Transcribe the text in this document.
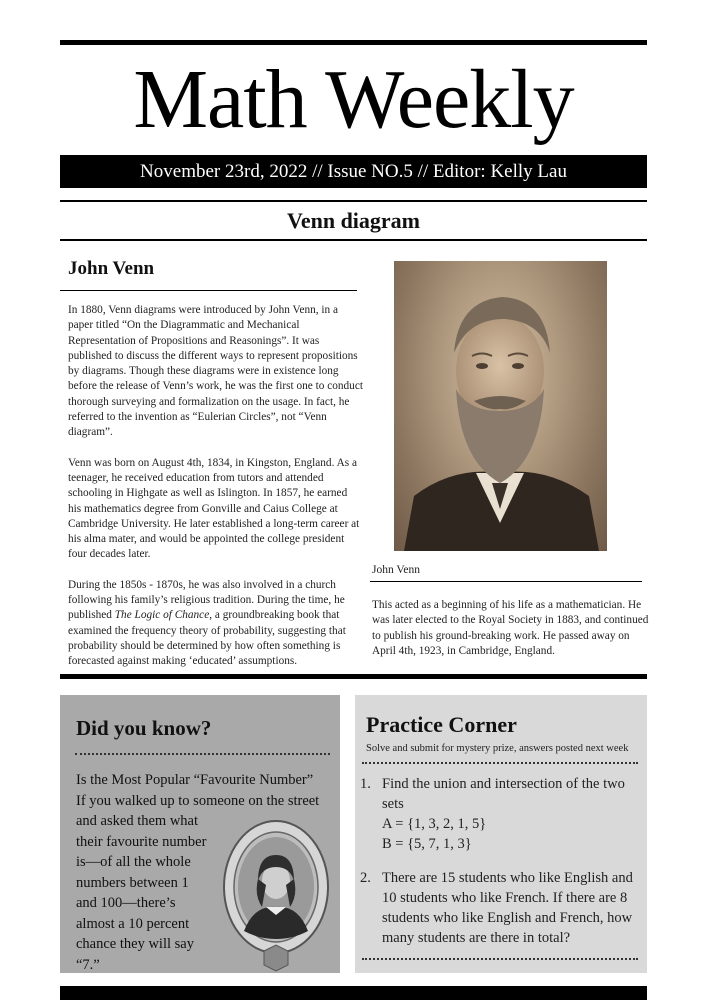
Math Weekly
November 23rd, 2022 // Issue NO.5 // Editor: Kelly Lau
Venn diagram
John Venn

In 1880, Venn diagrams were introduced by John Venn, in a paper titled “On the Diagrammatic and Mechanical Representation of Propositions and Reasonings”. It was published to discuss the different ways to represent propositions by diagrams. Though these diagrams were in existence long before the release of Venn’s work, he was the first one to conduct thorough surveying and formalization on the usage. In fact, he referred to the invention as “Eulerian Circles”, not “Venn diagram”.

Venn was born on August 4th, 1834, in Kingston, England. As a teenager, he received education from tutors and attended schooling in Highgate as well as Islington. In 1857, he earned his mathematics degree from Gonville and Caius College at Cambridge University. He later established a long-term career at his alma mater, and would be appointed the college president four decades later.

During the 1850s - 1870s, he was also involved in a church following his family’s religious tradition. During the time, he published The Logic of Chance, a groundbreaking book that examined the frequency theory of probability, suggesting that probability should be determined by how often something is forecasted against making ‘educated’ assumptions.

John Venn
This acted as a beginning of his life as a mathematician. He was later elected to the Royal Society in 1883, and continued to publish his ground-breaking work. He passed away on April 4th, 1923, in Cambridge, England.
Did you know?
Is the Most Popular “Favourite Number”
If you walked up to someone on the street
and asked them what
their favourite number
is—of all the whole
numbers between 1
and 100—there’s
almost a 10 percent
chance they will say
“7.”
Practice Corner
Solve and submit for mystery prize, answers posted next week
1. Find the union and intersection of the two
sets
A = {1, 3, 2, 1, 5}
B = {5, 7, 1, 3}
2. There are 15 students who like English and
10 students who like French. If there are 8
students who like English and French, how
many students are there in total?
